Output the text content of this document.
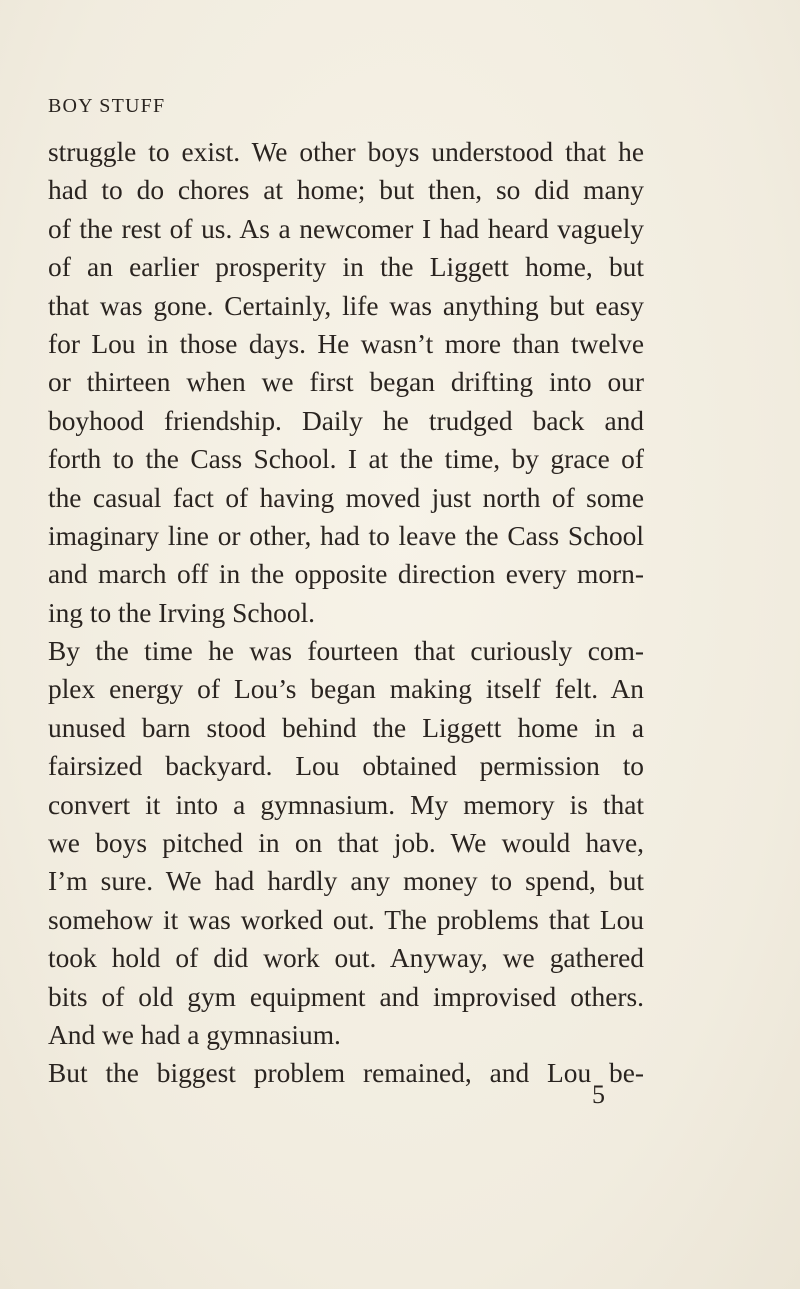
BOY STUFF
struggle to exist. We other boys understood that he
had to do chores at home; but then, so did many
of the rest of us. As a newcomer I had heard vaguely
of an earlier prosperity in the Liggett home, but
that was gone. Certainly, life was anything but easy
for Lou in those days. He wasn’t more than twelve
or thirteen when we first began drifting into our
boyhood friendship. Daily he trudged back and
forth to the Cass School. I at the time, by grace of
the casual fact of having moved just north of some
imaginary line or other, had to leave the Cass School
and march off in the opposite direction every morn-
ing to the Irving School.
By the time he was fourteen that curiously com-
plex energy of Lou’s began making itself felt. An
unused barn stood behind the Liggett home in a
fairsized backyard. Lou obtained permission to
convert it into a gymnasium. My memory is that
we boys pitched in on that job. We would have,
I’m sure. We had hardly any money to spend, but
somehow it was worked out. The problems that Lou
took hold of did work out. Anyway, we gathered
bits of old gym equipment and improvised others.
And we had a gymnasium.
But the biggest problem remained, and Lou be-
5
